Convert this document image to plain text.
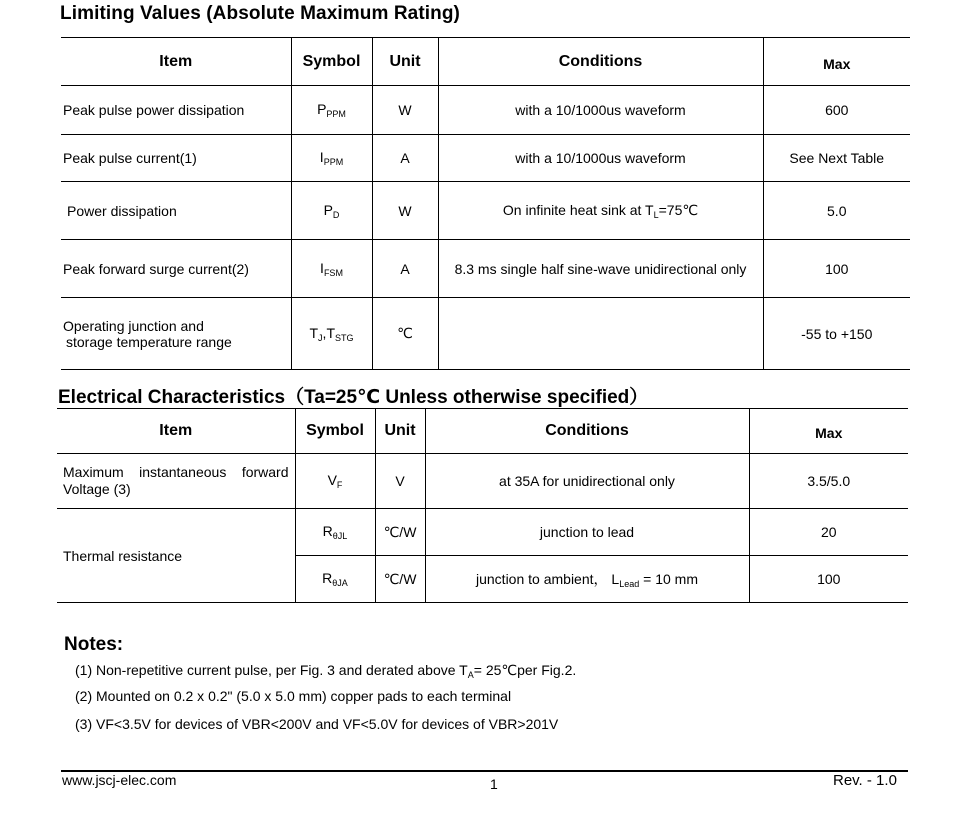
Limiting Values (Absolute Maximum Rating)
Item	Symbol	Unit	Conditions	Max
Peak pulse power dissipation	$P_{PPM}$	W	with a 10/1000us waveform	600
Peak pulse current(1)	$I_{PPM}$	A	with a 10/1000us waveform	See Next Table
Power dissipation	$P_D$	W	On infinite heat sink at $T_L=75℃$	5.0
Peak forward surge current(2)	$I_{FSM}$	A	8.3 ms single half sine-wave unidirectional only	100

Operating junction and
storage temperature range	$T_J,T_{STG}$	℃		-55 to +150
Electrical Characteristics（Ta=25℃ Unless otherwise specified）
Item	Symbol	Unit	Conditions	Max
Maximum instantaneous forward Voltage (3)	$V_F$	V	at 35A for unidirectional only	3.5/5.0
Thermal resistance	$R_{\theta JL}$	℃/W	junction to lead	20
	$R_{\theta JA}$	℃/W	junction to ambient， $L_{Lead} = 10$ mm	100
Notes:
(1) Non-repetitive current pulse, per Fig. 3 and derated above $T_A=$ 25℃per Fig.2.
(2) Mounted on 0.2 x 0.2" (5.0 x 5.0 mm) copper pads to each terminal
(3) VF<3.5V for devices of VBR<200V and VF<5.0V for devices of VBR>201V
www.jscj-elec.com	1	Rev. - 1.0
